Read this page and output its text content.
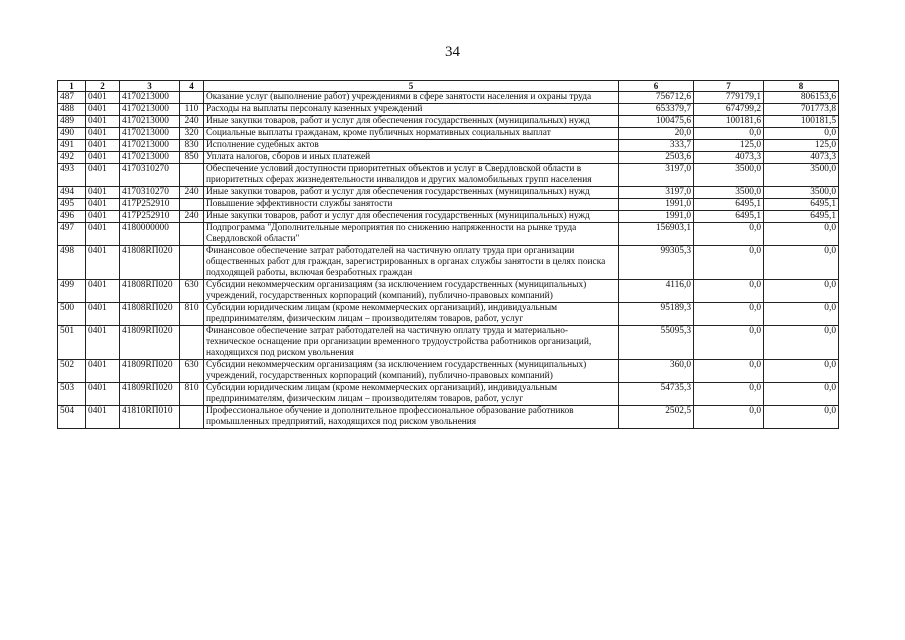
34
1	2	3	4	5	6	7	8
487	0401	4170213000		Оказание услуг (выполнение работ) учреждениями в сфере занятости населения и охраны труда	756712,6	779179,1	806153,6
488	0401	4170213000	110	Расходы на выплаты персоналу казенных учреждений	653379,7	674799,2	701773,8
489	0401	4170213000	240	Иные закупки товаров, работ и услуг для обеспечения государственных (муниципальных) нужд	100475,6	100181,6	100181,5
490	0401	4170213000	320	Социальные выплаты гражданам, кроме публичных нормативных социальных выплат	20,0	0,0	0,0
491	0401	4170213000	830	Исполнение судебных актов	333,7	125,0	125,0
492	0401	4170213000	850	Уплата налогов, сборов и иных платежей	2503,6	4073,3	4073,3
493	0401	4170310270		Обеспечение условий доступности приоритетных объектов и услуг в Свердловской области в приоритетных сферах жизнедеятельности инвалидов и других маломобильных групп населения	3197,0	3500,0	3500,0
494	0401	4170310270	240	Иные закупки товаров, работ и услуг для обеспечения государственных (муниципальных) нужд	3197,0	3500,0	3500,0
495	0401	417P252910		Повышение эффективности службы занятости	1991,0	6495,1	6495,1
496	0401	417P252910	240	Иные закупки товаров, работ и услуг для обеспечения государственных (муниципальных) нужд	1991,0	6495,1	6495,1
497	0401	4180000000		Подпрограмма "Дополнительные мероприятия по снижению напряженности на рынке труда Свердловской области"	156903,1	0,0	0,0
498	0401	41808RП020		Финансовое обеспечение затрат работодателей на частичную оплату труда при организации общественных работ для граждан, зарегистрированных в органах службы занятости в целях поиска подходящей работы, включая безработных граждан	99305,3	0,0	0,0
499	0401	41808RП020	630	Субсидии некоммерческим организациям (за исключением государственных (муниципальных) учреждений, государственных корпораций (компаний), публично-правовых компаний)	4116,0	0,0	0,0
500	0401	41808RП020	810	Субсидии юридическим лицам (кроме некоммерческих организаций), индивидуальным предпринимателям, физическим лицам – производителям товаров, работ, услуг	95189,3	0,0	0,0
501	0401	41809RП020		Финансовое обеспечение затрат работодателей на частичную оплату труда и материально-техническое оснащение при организации временного трудоустройства работников организаций, находящихся под риском увольнения	55095,3	0,0	0,0
502	0401	41809RП020	630	Субсидии некоммерческим организациям (за исключением государственных (муниципальных) учреждений, государственных корпораций (компаний), публично-правовых компаний)	360,0	0,0	0,0
503	0401	41809RП020	810	Субсидии юридическим лицам (кроме некоммерческих организаций), индивидуальным предпринимателям, физическим лицам – производителям товаров, работ, услуг	54735,3	0,0	0,0
504	0401	41810RП010		Профессиональное обучение и дополнительное профессиональное образование работников промышленных предприятий, находящихся под риском увольнения	2502,5	0,0	0,0
